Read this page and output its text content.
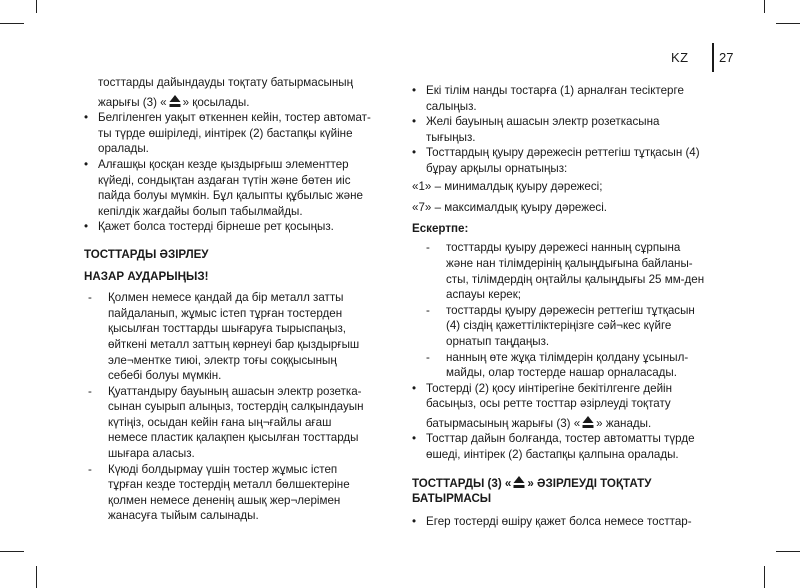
KZ 27

тосттарды дайындауды тоқтату батырмасының

жарығы (3) « » қосылады.

• Белгіленген уақыт өткеннен кейін, тостер автомат-

ты түрде өшіріледі, иінтірек (2) бастапқы күйіне

оралады.

• Алғашқы қосқан кезде қыздырғыш элементтер

күйеді, сондықтан аздаған түтін және бөтен иіс

пайда болуы мүмкін. Бұл қалыпты құбылыс және

кепілдік жағдайы болып табылмайды.

• Қажет болса тостерді бірнеше рет қосыңыз.

ТОСТТАРДЫ ӘЗІРЛЕУ

НАЗАР АУДАРЫҢЫЗ!

- Қолмен немесе қандай да бір металл затты

пайдаланып, жұмыс істеп тұрған тостерден

қысылған тосттарды шығаруға тырыспаңыз,

өйткені металл заттың көрнеуі бар қыздырғыш

эле¬ментке тиюі, электр тоғы соққысының

себебі болуы мүмкін.

- Қуаттандыру бауының ашасын электр розетка-

сынан суырып алыңыз, тостердің салқындауын

күтіңіз, осыдан кейін ғана ың¬ғайлы ағаш

немесе пластик қалақпен қысылған тосттарды

шығара аласыз.

- Күюді болдырмау үшін тостер жұмыс істеп

тұрған кезде тостердің металл бөлшектеріне

қолмен немесе дененің ашық жер¬лерімен

жанасуға тыйым салынады.

• Екі тілім нанды тостарға (1) арналған тесіктерге

салыңыз.

• Желі бауының ашасын электр розеткасына

тығыңыз.

• Тосттардың қуыру дәрежесін реттегіш тұтқасын (4)

бұрау арқылы орнатыңыз:

«1» – минималдық қуыру дәрежесі;

«7» – максималдық қуыру дәрежесі.

Ескертпе:

- тосттарды қуыру дәрежесі нанның сұрпына

және нан тілімдерінің қалыңдығына байланы-

сты, тілімдердің оңтайлы қалыңдығы 25 мм-ден

аспауы керек;

- тосттарды қуыру дәрежесін реттегіш тұтқасын

(4) сіздің қажеттіліктеріңізге сәй¬кес күйге

орнатып таңдаңыз.

- нанның өте жұқа тілімдерін қолдану ұсыныл-

майды, олар тостерде нашар орналасады.

• Тостерді (2) қосу иінтірегіне бекітілгенге дейін

басыңыз, осы ретте тосттар әзірлеуді тоқтату

батырмасының жарығы (3) « » жанады.

• Тосттар дайын болғанда, тостер автоматты түрде

өшеді, иінтірек (2) бастапқы қалпына оралады.

ТОСТТАРДЫ (3) « » ӘЗІРЛЕУДІ ТОҚТАТУ

БАТЫРМАСЫ

• Егер тостерді өшіру қажет болса немесе тосттар-
